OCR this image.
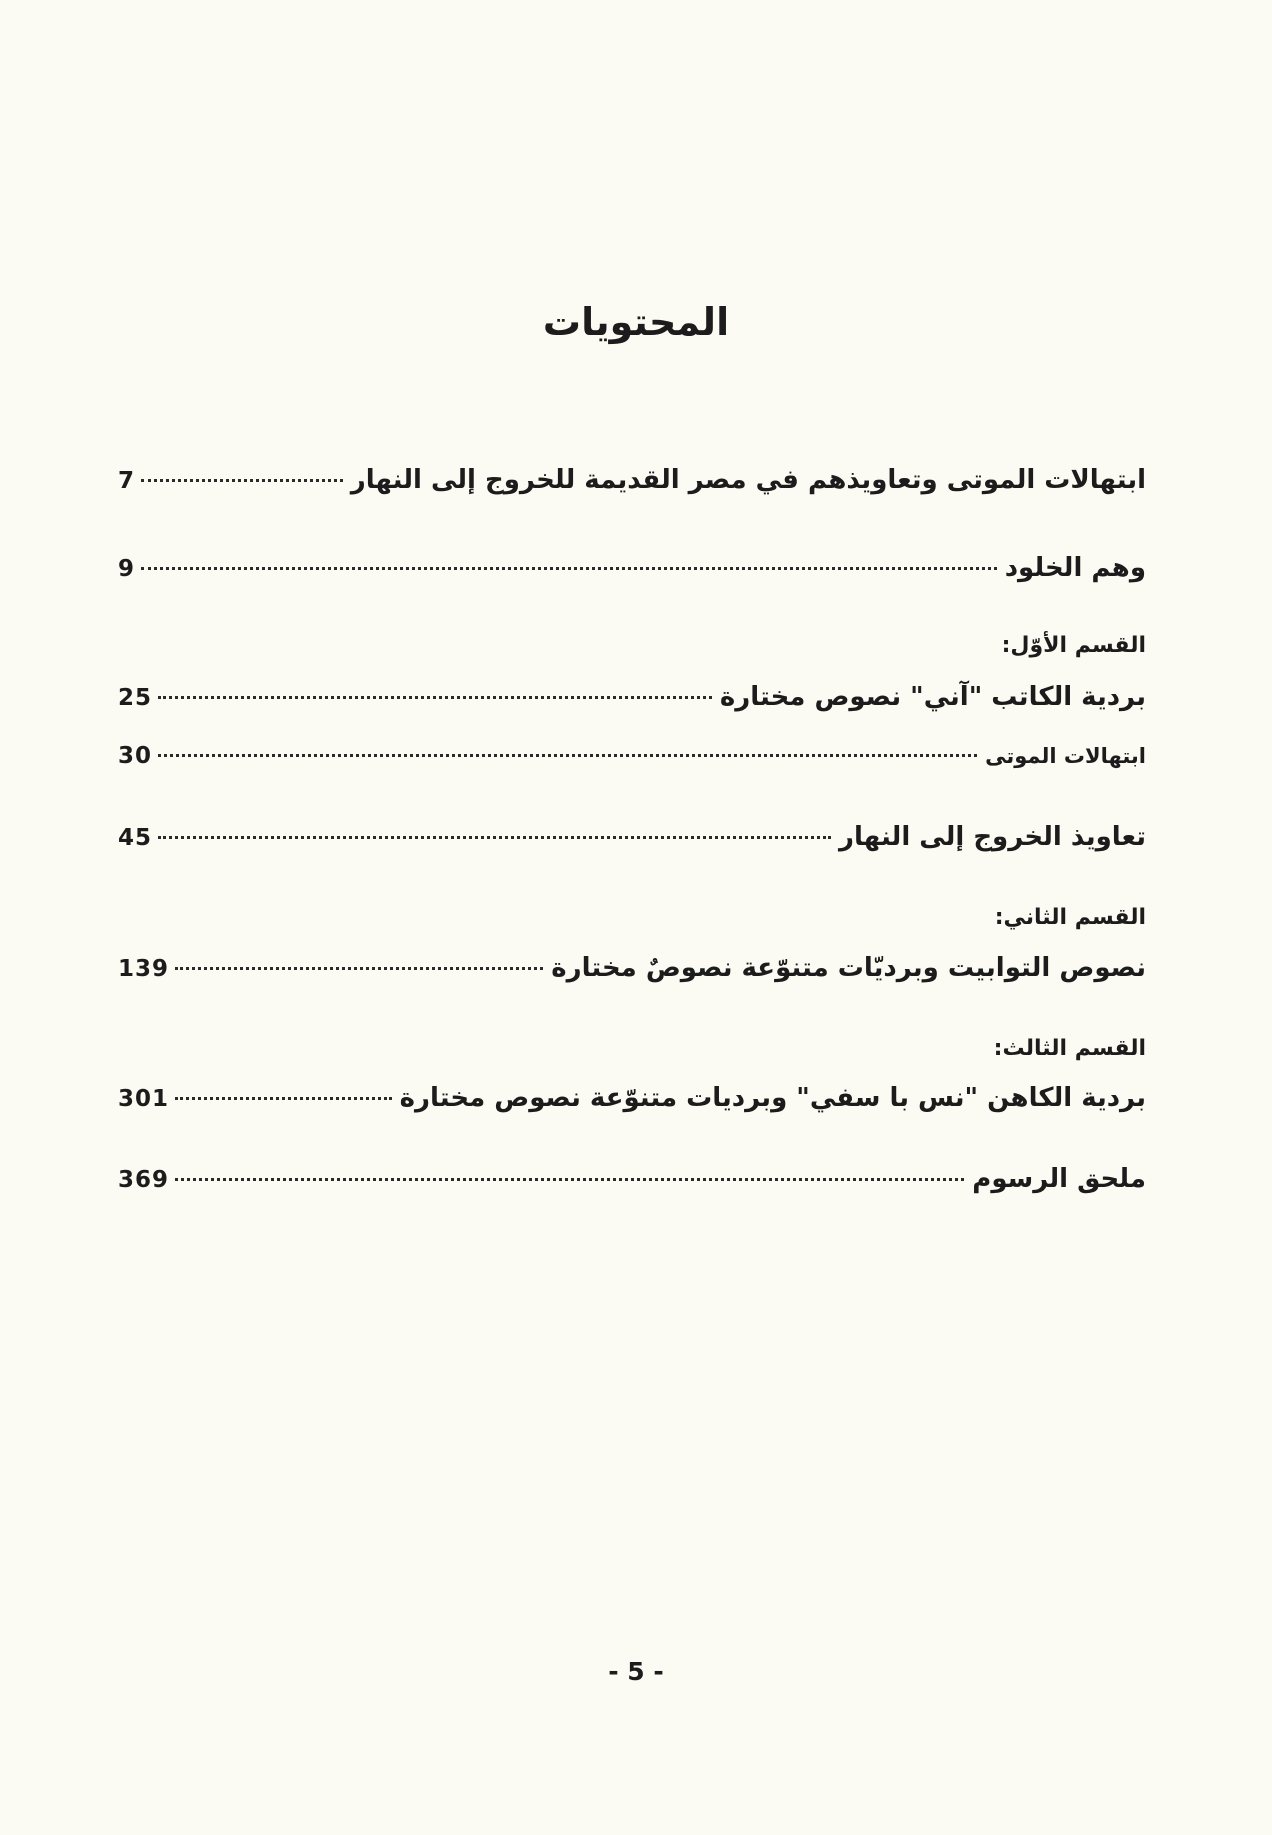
المحتويات
ابتهالات الموتى وتعاويذهم في مصر القديمة للخروج إلى النهار
7
وهم الخلود
9
القسم الأوّل:
بردية الكاتب "آني" نصوص مختارة
25
ابتهالات الموتى
30
تعاويذ الخروج إلى النهار
45
القسم الثاني:
نصوص التوابيت وبرديّات متنوّعة نصوصٌ مختارة
139
القسم الثالث:
بردية الكاهن "نس با سفي" وبرديات متنوّعة نصوص مختارة
301
ملحق الرسوم
369
- 5 -
